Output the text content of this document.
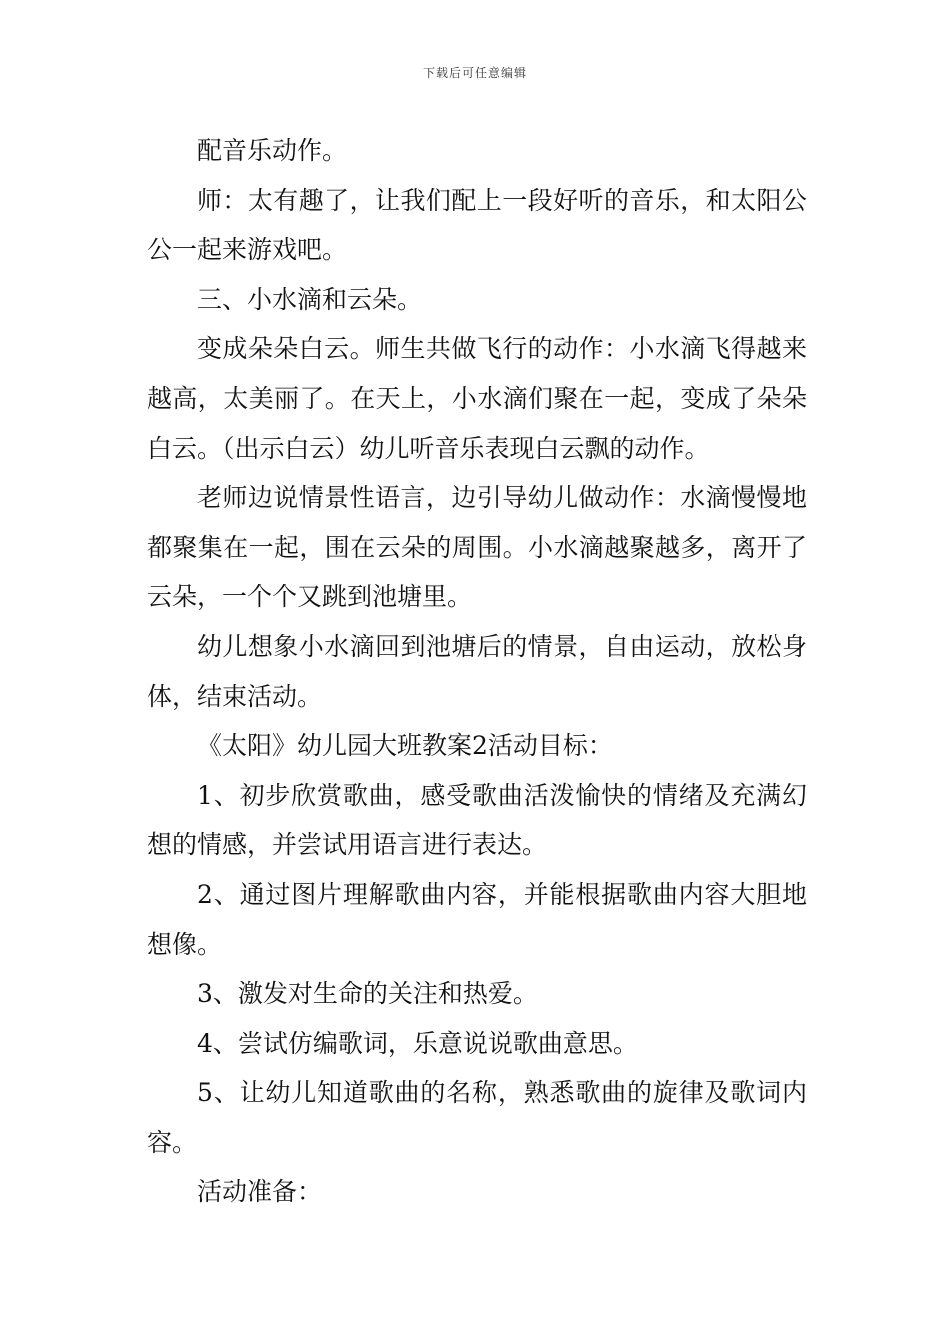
下载后可任意编辑

配音乐动作。

师：太有趣了，让我们配上一段好听的音乐，和太阳公公一起来游戏吧。

三、小水滴和云朵。

变成朵朵白云。师生共做飞行的动作：小水滴飞得越来越高，太美丽了。在天上，小水滴们聚在一起，变成了朵朵白云。（出示白云）幼儿听音乐表现白云飘的动作。

老师边说情景性语言，边引导幼儿做动作：水滴慢慢地都聚集在一起，围在云朵的周围。小水滴越聚越多，离开了云朵，一个个又跳到池塘里。

幼儿想象小水滴回到池塘后的情景，自由运动，放松身体，结束活动。

《太阳》幼儿园大班教案2活动目标：

1、初步欣赏歌曲，感受歌曲活泼愉快的情绪及充满幻想的情感，并尝试用语言进行表达。

2、通过图片理解歌曲内容，并能根据歌曲内容大胆地想像。

3、激发对生命的关注和热爱。

4、尝试仿编歌词，乐意说说歌曲意思。

5、让幼儿知道歌曲的名称，熟悉歌曲的旋律及歌词内容。

活动准备：
